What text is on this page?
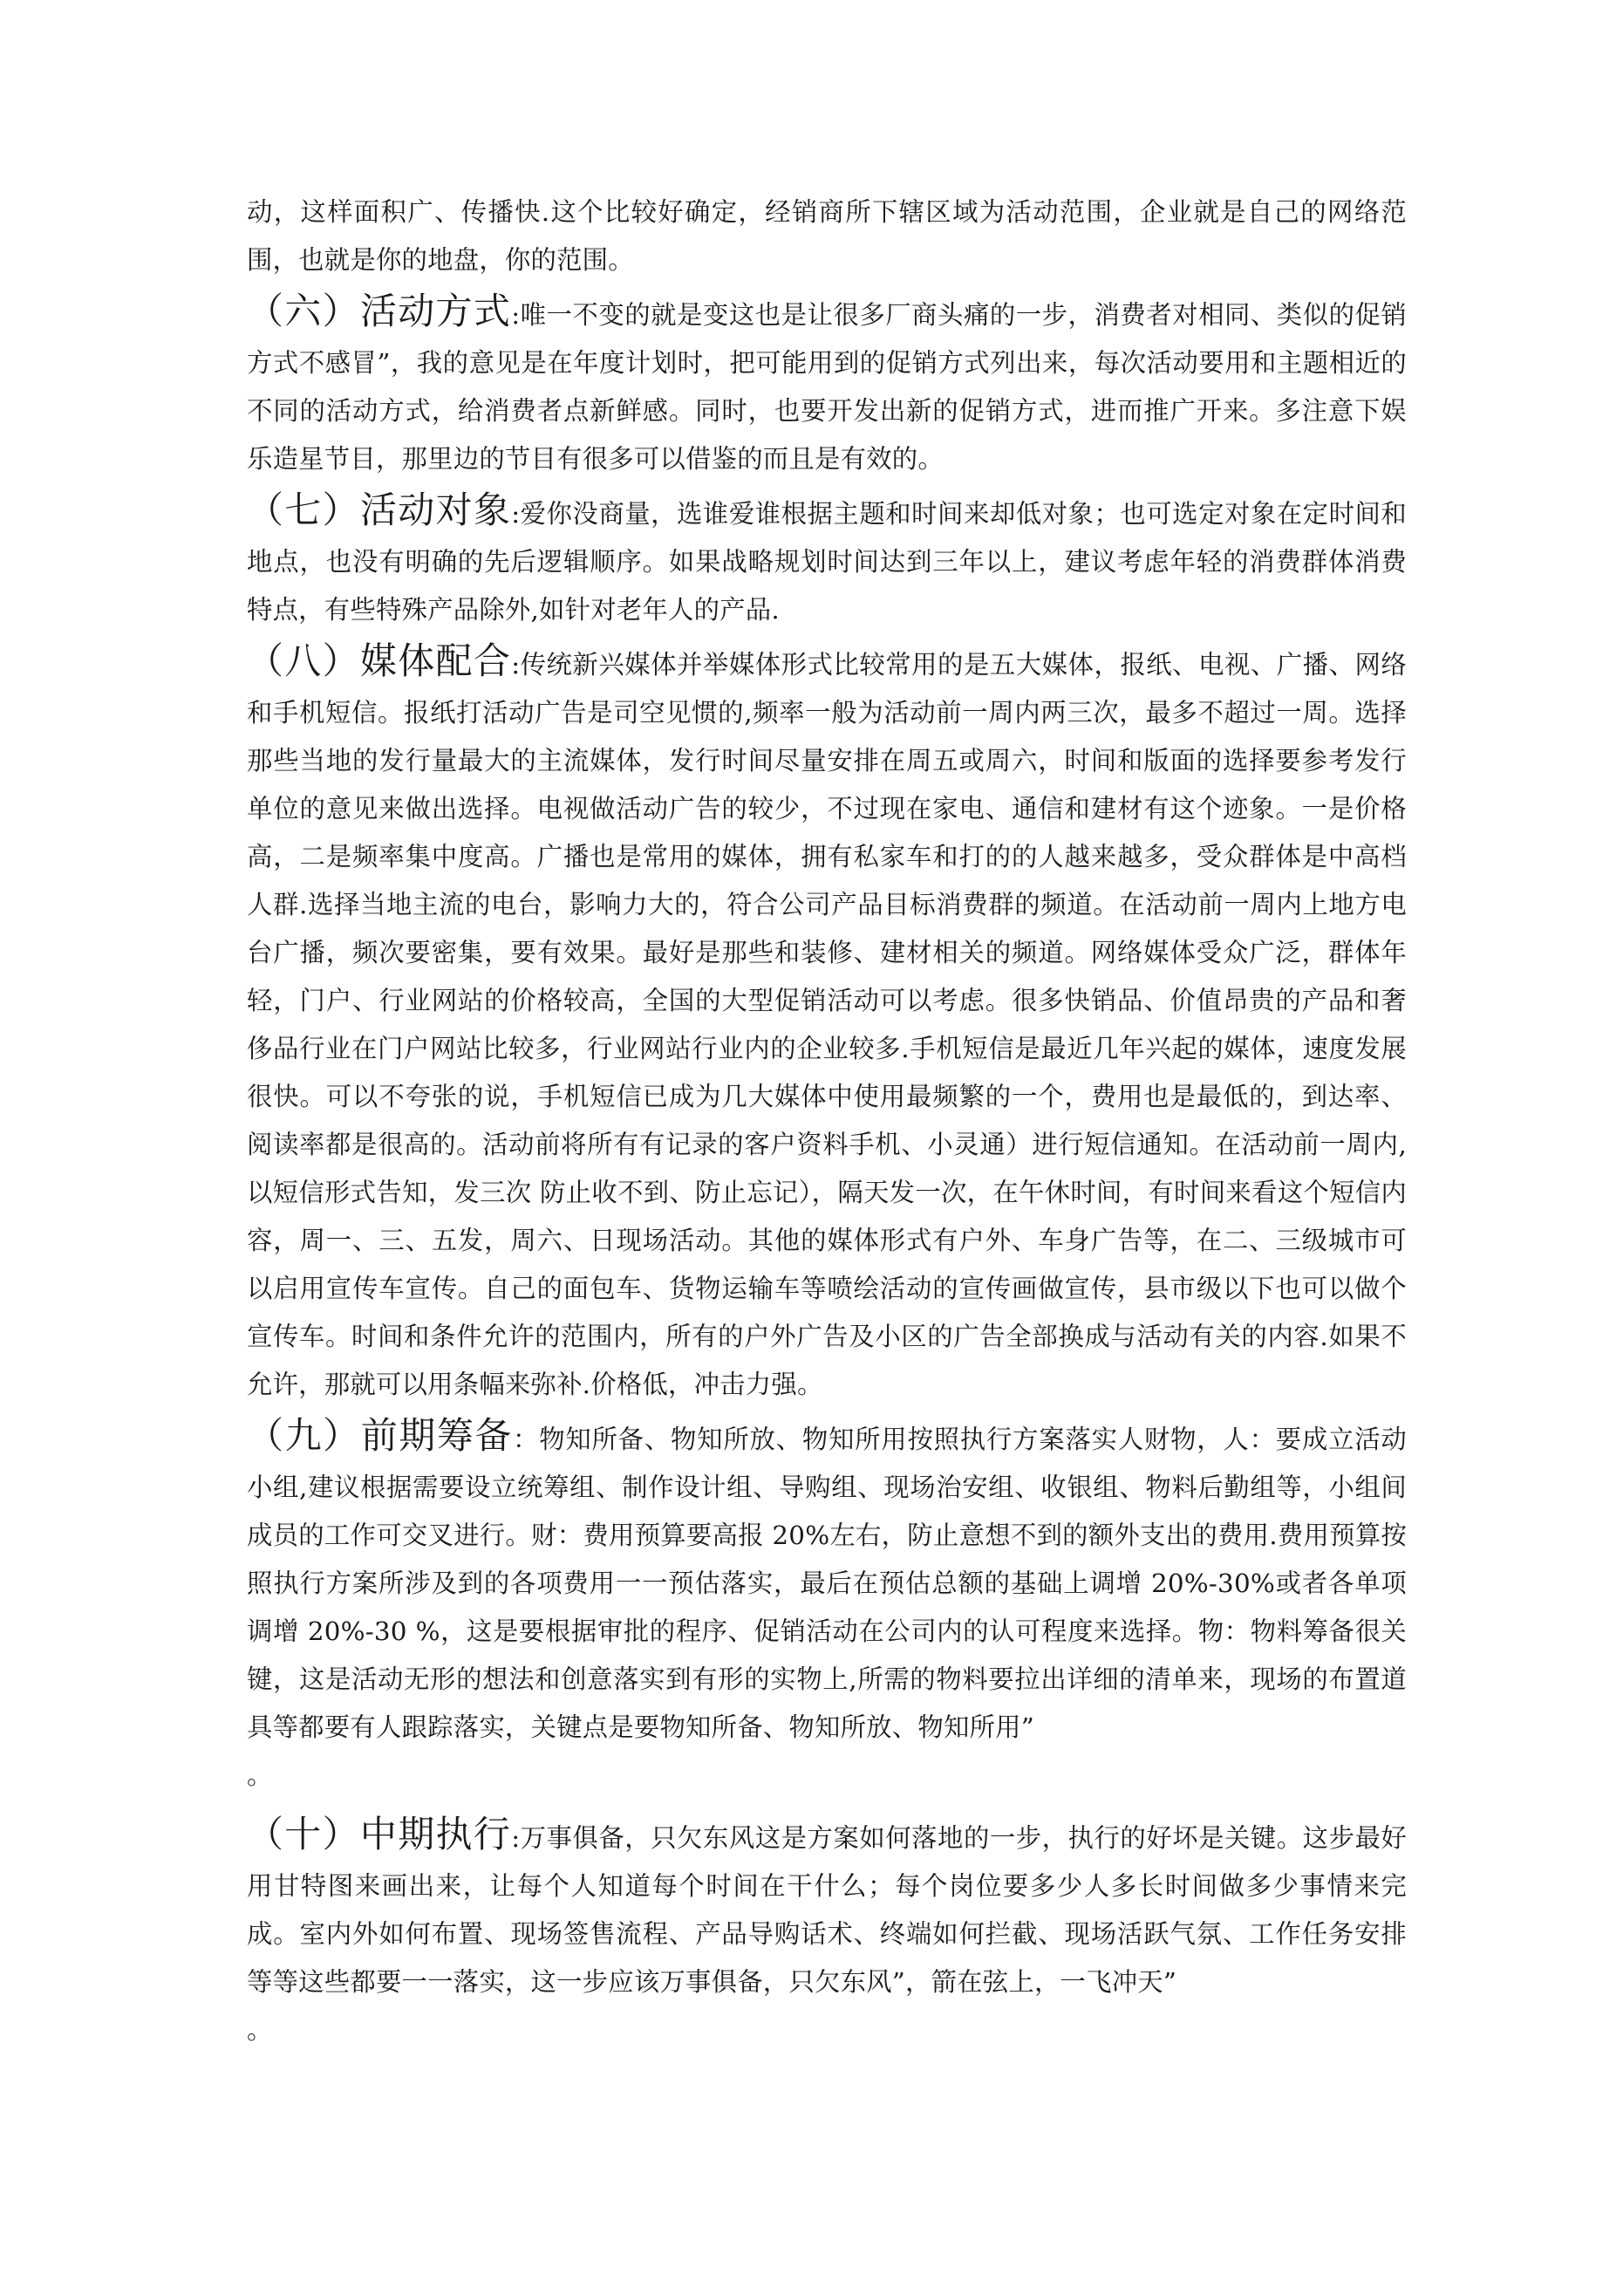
动，这样面积广、传播快.这个比较好确定，经销商所下辖区域为活动范围，企业就是自己的网络范围，也就是你的地盘，你的范围。

（六）活动方式:唯一不变的就是变这也是让很多厂商头痛的一步，消费者对相同、类似的促销方式不感冒”，我的意见是在年度计划时，把可能用到的促销方式列出来，每次活动要用和主题相近的不同的活动方式，给消费者点新鲜感。同时，也要开发出新的促销方式，进而推广开来。多注意下娱乐造星节目，那里边的节目有很多可以借鉴的而且是有效的。

（七）活动对象:爱你没商量，选谁爱谁根据主题和时间来却低对象；也可选定对象在定时间和地点，也没有明确的先后逻辑顺序。如果战略规划时间达到三年以上，建议考虑年轻的消费群体消费特点，有些特殊产品除外,如针对老年人的产品.

（八）媒体配合:传统新兴媒体并举媒体形式比较常用的是五大媒体，报纸、电视、广播、网络和手机短信。报纸打活动广告是司空见惯的,频率一般为活动前一周内两三次，最多不超过一周。选择那些当地的发行量最大的主流媒体，发行时间尽量安排在周五或周六，时间和版面的选择要参考发行单位的意见来做出选择。电视做活动广告的较少，不过现在家电、通信和建材有这个迹象。一是价格高，二是频率集中度高。广播也是常用的媒体，拥有私家车和打的的人越来越多，受众群体是中高档人群.选择当地主流的电台，影响力大的，符合公司产品目标消费群的频道。在活动前一周内上地方电台广播，频次要密集，要有效果。最好是那些和装修、建材相关的频道。网络媒体受众广泛，群体年轻，门户、行业网站的价格较高，全国的大型促销活动可以考虑。很多快销品、价值昂贵的产品和奢侈品行业在门户网站比较多，行业网站行业内的企业较多.手机短信是最近几年兴起的媒体，速度发展很快。可以不夸张的说，手机短信已成为几大媒体中使用最频繁的一个，费用也是最低的，到达率、阅读率都是很高的。活动前将所有有记录的客户资料手机、小灵通）进行短信通知。在活动前一周内,以短信形式告知，发三次 防止收不到、防止忘记），隔天发一次，在午休时间，有时间来看这个短信内容，周一、三、五发，周六、日现场活动。其他的媒体形式有户外、车身广告等，在二、三级城市可以启用宣传车宣传。自己的面包车、货物运输车等喷绘活动的宣传画做宣传，县市级以下也可以做个宣传车。时间和条件允许的范围内，所有的户外广告及小区的广告全部换成与活动有关的内容.如果不允许，那就可以用条幅来弥补.价格低，冲击力强。

（九）前期筹备：物知所备、物知所放、物知所用按照执行方案落实人财物，人：要成立活动小组,建议根据需要设立统筹组、制作设计组、导购组、现场治安组、收银组、物料后勤组等，小组间成员的工作可交叉进行。财：费用预算要高报 20%左右，防止意想不到的额外支出的费用.费用预算按照执行方案所涉及到的各项费用一一预估落实，最后在预估总额的基础上调增 20%-30%或者各单项调增 20%-30 %，这是要根据审批的程序、促销活动在公司内的认可程度来选择。物：物料筹备很关键，这是活动无形的想法和创意落实到有形的实物上,所需的物料要拉出详细的清单来，现场的布置道具等都要有人跟踪落实，关键点是要物知所备、物知所放、物知所用”

。

（十）中期执行:万事俱备，只欠东风这是方案如何落地的一步，执行的好坏是关键。这步最好用甘特图来画出来，让每个人知道每个时间在干什么；每个岗位要多少人多长时间做多少事情来完成。室内外如何布置、现场签售流程、产品导购话术、终端如何拦截、现场活跃气氛、工作任务安排等等这些都要一一落实，这一步应该万事俱备，只欠东风”，箭在弦上，一飞冲天”

。
